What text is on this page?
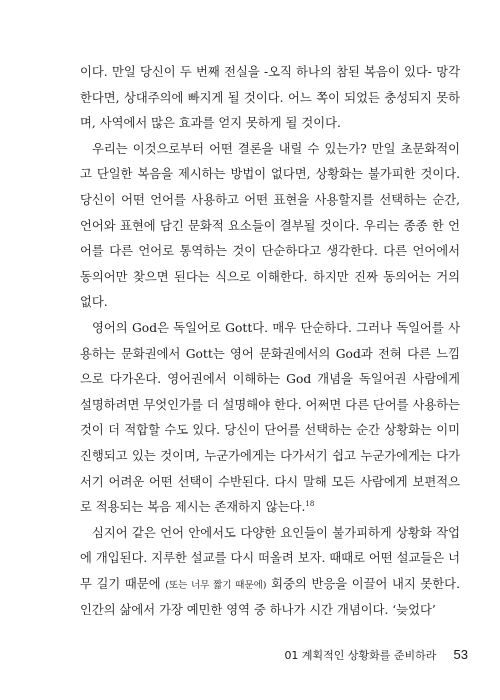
이다. 만일 당신이 두 번째 전실을 -오직 하나의 참된 복음이 있다- 망각한다면, 상대주의에 빠지게 될 것이다. 어느 쪽이 되었든 충성되지 못하며, 사역에서 많은 효과를 얻지 못하게 될 것이다.

우리는 이것으로부터 어떤 결론을 내릴 수 있는가? 만일 초문화적이고 단일한 복음을 제시하는 방법이 없다면, 상황화는 불가피한 것이다. 당신이 어떤 언어를 사용하고 어떤 표현을 사용할지를 선택하는 순간, 언어와 표현에 담긴 문화적 요소들이 결부될 것이다. 우리는 종종 한 언어를 다른 언어로 통역하는 것이 단순하다고 생각한다. 다른 언어에서 동의어만 찾으면 된다는 식으로 이해한다. 하지만 진짜 동의어는 거의 없다.

영어의 God은 독일어로 Gott다. 매우 단순하다. 그러나 독일어를 사용하는 문화권에서 Gott는 영어 문화권에서의 God과 전혀 다른 느낌으로 다가온다. 영어권에서 이해하는 God 개념을 독일어권 사람에게 설명하려면 무엇인가를 더 설명해야 한다. 어쩌면 다른 단어를 사용하는 것이 더 적합할 수도 있다. 당신이 단어를 선택하는 순간 상황화는 이미 진행되고 있는 것이며, 누군가에게는 다가서기 쉽고 누군가에게는 다가서기 어려운 어떤 선택이 수반된다. 다시 말해 모든 사람에게 보편적으로 적용되는 복음 제시는 존재하지 않는다.$^{18}$

심지어 같은 언어 안에서도 다양한 요인들이 불가피하게 상황화 작업에 개입된다. 지루한 설교를 다시 떠올려 보자. 때때로 어떤 설교들은 너무 길기 때문에 (또는 너무 짧기 때문에) 회중의 반응을 이끌어 내지 못한다. 인간의 삶에서 가장 예민한 영역 중 하나가 시간 개념이다. ‘늦었다’

01 계획적인 상황화를 준비하라 53
